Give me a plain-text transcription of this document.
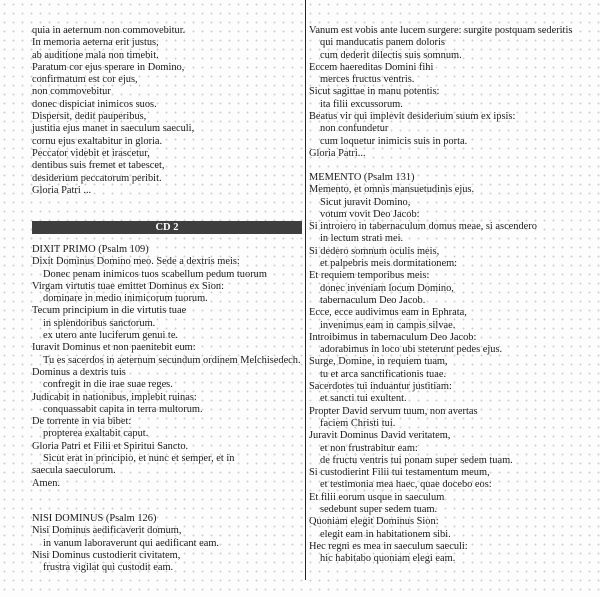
quia in aeternum non commovebitur.
In memoria aeterna erit justus,
ab auditione mala non timebit.
Paratum cor ejus sperare in Domino,
confirmatum est cor ejus,
non commovebitur
donec dispiciat inimicos suos.
Dispersit, dedit pauperibus,
justitia ejus manet in saeculum saeculi,
cornu ejus exaltabitur in gloria.
Peccator videbit et irascetur,
dentibus suis fremet et tabescet,
desiderium peccatorum peribit.
Gloria Patri ...
CD 2
DIXIT PRIMO (Psalm 109)
Dixit Dominus Domino meo. Sede a dextris meis:
Donec penam inimicos tuos scabellum pedum tuorum
Virgam virtutis tuae emittet Dominus ex Sion:
dominare in medio inimicorum tuorum.
Tecum principium in die virtutis tuae
in splendoribus sanctorum.
ex utero ante luciferum genui te.
Iuravit Dominus et non paenitebit eum:
Tu es sacerdos in aeternum secundum ordinem Melchisedech.
Dominus a dextris tuis
confregit in die irae suae reges.
Judicabit in nationibus, implebit ruinas:
conquassabit capita in terra multorum.
De torrente in via bibet:
propterea exaltabit caput.
Gloria Patri et Filii et Spiritui Sancto.
Sicut erat in principio, et nunc et semper, et in
saecula saeculorum.
Amen.
NISI DOMINUS (Psalm 126)
Nisi Dominus aedificaverit domum,
in vanum laboraverunt qui aedificant eam.
Nisi Dominus custodierit civitatem,
frustra vigilat qui custodit eam.
Vanum est vobis ante lucem surgere: surgite postquam sederitis
qui manducatis panem doloris
cum dederit dilectis suis somnum.
Eccem haereditas Domini fihi
merces fructus ventris.
Sicut sagittae in manu potentis:
ita filii excussorum.
Beatus vir qui implevit desiderium suum ex ipsis:
non confundetur
cum loquetur inimicis suis in porta.
Gloria Patri...
MEMENTO (Psalm 131)
Memento, et omnis mansuetudinis ejus.
Sicut juravit Domino,
votum vovit Deo Jacob:
Si introiero in tabernaculum domus meae, si ascendero
in lectum strati mei.
Si dedero somnum oculis meis,
et palpebris meis dormitationem:
Et requiem temporibus meis:
donec inveniam locum Domino,
tabernaculum Deo Jacob.
Ecce, ecce audivimus eam in Ephrata,
invenimus eam in campis silvae.
Introibimus in tabernaculum Deo Jacob:
adorabimus in loco ubi steterunt pedes ejus.
Surge, Domine, in requiem tuam,
tu et arca sanctificationis tuae.
Sacerdotes tui induantur justitiam:
et sancti tui exultent.
Propter David servum tuum, non avertas
faciem Christi tui.
Juravit Dominus David veritatem,
et non frustrabitur eam:
de fructu ventris tui ponam super sedem tuam.
Si custodierint Filii tui testamentum meum,
et testimonia mea haec, quae docebo eos:
Et filii eorum usque in saeculum
sedebunt super sedem tuam.
Quoniam elegit Dominus Sion:
elegit eam in habitationem sibi.
Hec regni es mea in saeculum saeculi:
hic habitabo quoniam elegi eam.
